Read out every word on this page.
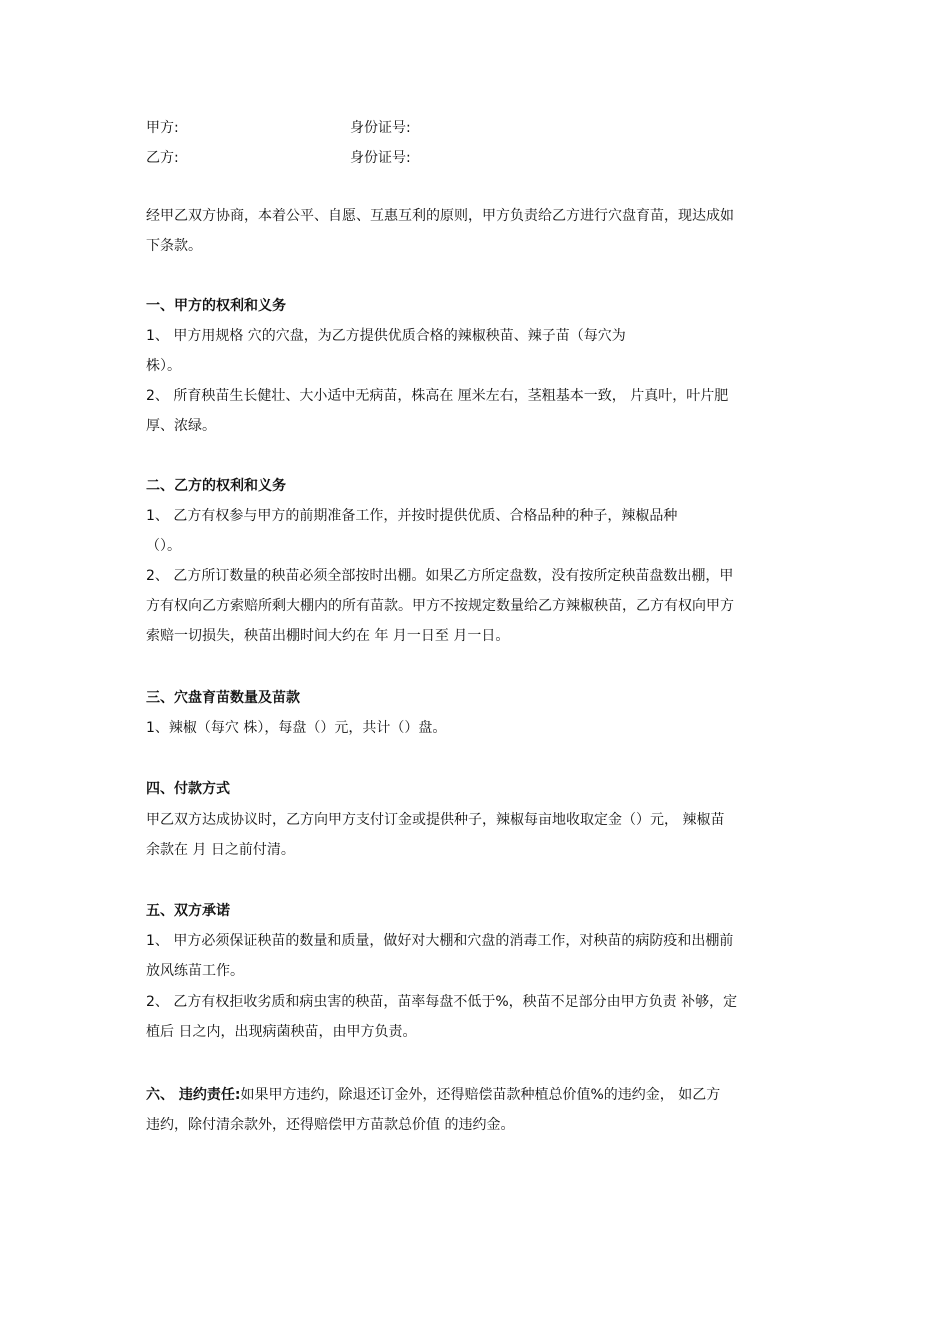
甲方:	身份证号:
乙方:	身份证号:
经甲乙双方协商，本着公平、自愿、互惠互利的原则，甲方负责给乙方进行穴盘育苗，现达成如
下条款。
一、甲方的权利和义务
1、 甲方用规格 穴的穴盘，为乙方提供优质合格的辣椒秧苗、辣子苗（每穴为
株）。
2、 所育秧苗生长健壮、大小适中无病苗，株高在 厘米左右，茎粗基本一致， 片真叶，叶片肥
厚、浓绿。
二、乙方的权利和义务
1、 乙方有权参与甲方的前期准备工作，并按时提供优质、合格品种的种子，辣椒品种
（）。
2、 乙方所订数量的秧苗必须全部按时出棚。如果乙方所定盘数，没有按所定秧苗盘数出棚，甲
方有权向乙方索赔所剩大棚内的所有苗款。甲方不按规定数量给乙方辣椒秧苗，乙方有权向甲方
索赔一切损失，秧苗出棚时间大约在 年 月一日至 月一日。
三、穴盘育苗数量及苗款
1、辣椒（每穴 株），每盘（）元，共计（）盘。
四、付款方式
甲乙双方达成协议时，乙方向甲方支付订金或提供种子，辣椒每亩地收取定金（）元， 辣椒苗
余款在 月 日之前付清。
五、双方承诺
1、 甲方必须保证秧苗的数量和质量，做好对大棚和穴盘的消毒工作，对秧苗的病防疫和出棚前
放风练苗工作。
2、 乙方有权拒收劣质和病虫害的秧苗，苗率每盘不低于%，秧苗不足部分由甲方负责 补够，定
植后 日之内，出现病菌秧苗，由甲方负责。
六、 违约责任:如果甲方违约，除退还订金外，还得赔偿苗款种植总价值%的违约金， 如乙方
违约，除付清余款外，还得赔偿甲方苗款总价值 的违约金。
